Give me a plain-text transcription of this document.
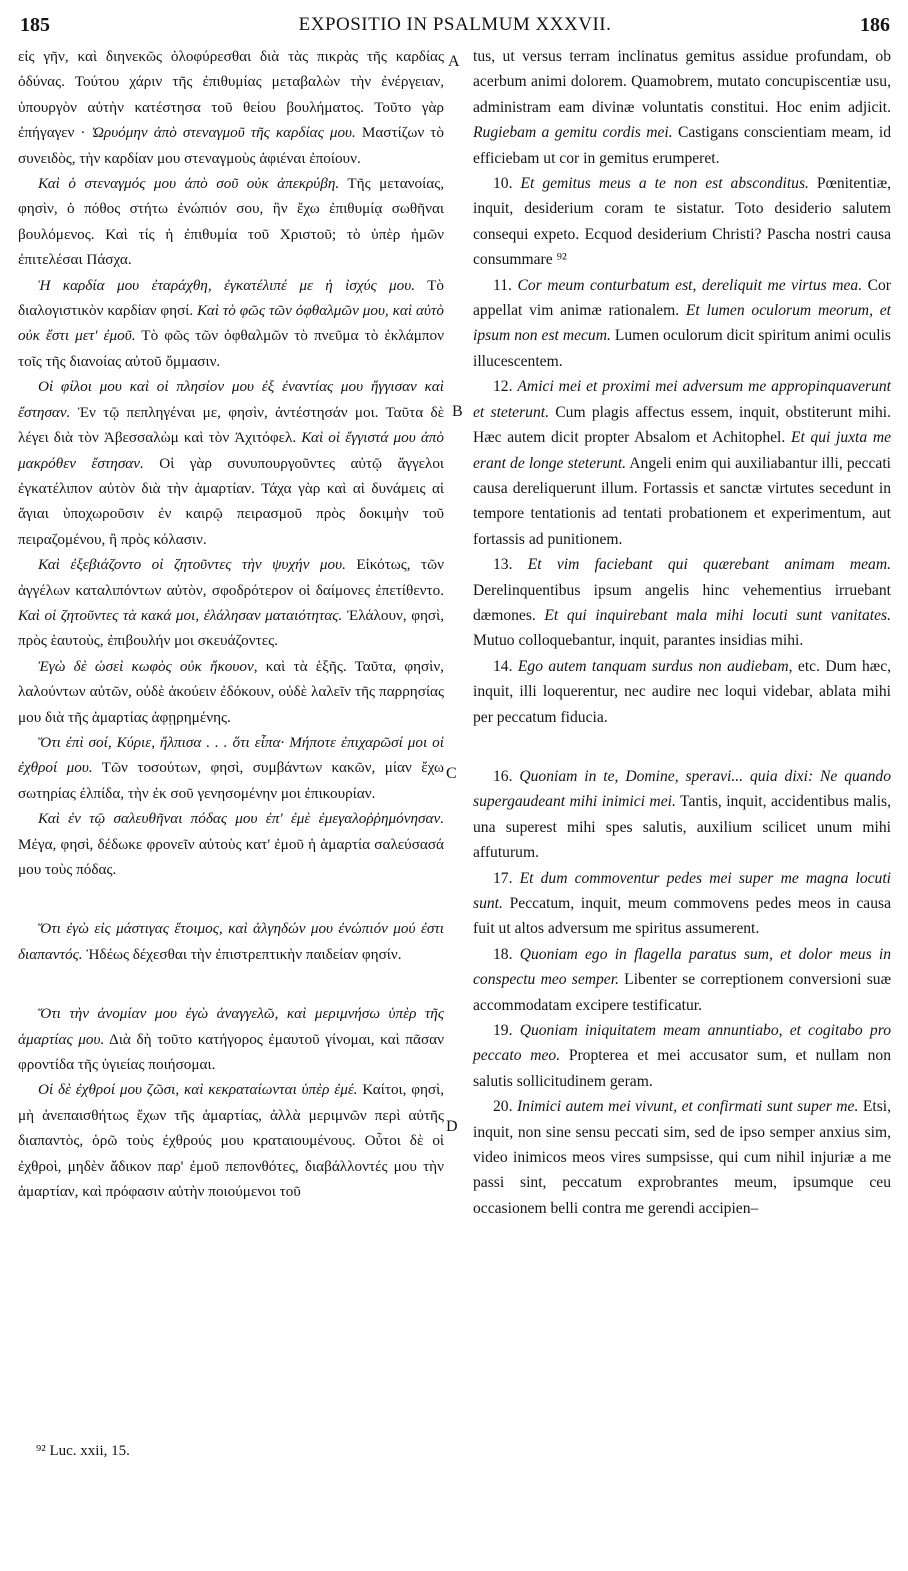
185	EXPOSITIO IN PSALMUM XXXVII.	186
A
B
C
D

εἰς γῆν, καὶ διηνεκῶς ὀλοφύρεσθαι διὰ τὰς πικρὰς τῆς καρδίας ὀδύνας. Τούτου χάριν τῆς ἐπιθυμίας μεταβαλὼν τὴν ἐνέργειαν, ὑπουργὸν αὐτὴν κατέστησα τοῦ θείου βουλήματος. Τοῦτο γὰρ ἐπήγαγεν · Ὠρυόμην ἀπὸ στεναγμοῦ τῆς καρδίας μου. Μαστίζων τὸ συνειδὸς, τὴν καρδίαν μου στεναγμοὺς ἀφιέναι ἐποίουν.

Καὶ ὁ στεναγμός μου ἀπὸ σοῦ οὐκ ἀπεκρύβη. Τῆς μετανοίας, φησὶν, ὁ πόθος στήτω ἐνώπιόν σου, ἣν ἔχω ἐπιθυμίᾳ σωθῆναι βουλόμενος. Καὶ τίς ἡ ἐπιθυμία τοῦ Χριστοῦ; τὸ ὑπὲρ ἡμῶν ἐπιτελέσαι Πάσχα.

Ἡ καρδία μου ἐταράχθη, ἐγκατέλιπέ με ἡ ἰσχύς μου. Τὸ διαλογιστικὸν καρδίαν φησί. Καὶ τὸ φῶς τῶν ὀφθαλμῶν μου, καὶ αὐτὸ οὐκ ἔστι μετ' ἐμοῦ. Τὸ φῶς τῶν ὀφθαλμῶν τὸ πνεῦμα τὸ ἐκλάμπον τοῖς τῆς διανοίας αὐτοῦ ὄμμασιν.

Οἱ φίλοι μου καὶ οἱ πλησίον μου ἐξ ἐναντίας μου ἤγγισαν καὶ ἔστησαν. Ἐν τῷ πεπληγέναι με, φησὶν, ἀντέστησάν μοι. Ταῦτα δὲ λέγει διὰ τὸν Ἀβεσσαλὼμ καὶ τὸν Ἀχιτόφελ. Καὶ οἱ ἔγγιστά μου ἀπὸ μακρόθεν ἔστησαν. Οἱ γὰρ συνυπουργοῦντες αὐτῷ ἄγγελοι ἐγκατέλιπον αὐτὸν διὰ τὴν ἁμαρτίαν. Τάχα γὰρ καὶ αἱ δυνάμεις αἱ ἅγιαι ὑποχωροῦσιν ἐν καιρῷ πειρασμοῦ πρὸς δοκιμὴν τοῦ πειραζομένου, ἢ πρὸς κόλασιν.

Καὶ ἐξεβιάζοντο οἱ ζητοῦντες τὴν ψυχήν μου. Εἰκότως, τῶν ἀγγέλων καταλιπόντων αὐτὸν, σφοδρότερον οἱ δαίμονες ἐπετίθεντο. Καὶ οἱ ζητοῦντες τὰ κακά μοι, ἐλάλησαν ματαιότητας. Ἐλάλουν, φησὶ, πρὸς ἑαυτοὺς, ἐπιβουλήν μοι σκευάζοντες.

Ἐγὼ δὲ ὡσεὶ κωφὸς οὐκ ἤκουον, καὶ τὰ ἑξῆς. Ταῦτα, φησὶν, λαλούντων αὐτῶν, οὐδὲ ἀκούειν ἐδόκουν, οὐδὲ λαλεῖν τῆς παρρησίας μου διὰ τῆς ἁμαρτίας ἀφῃρημένης.

Ὅτι ἐπὶ σοί, Κύριε, ἤλπισα . . . ὅτι εἶπα· Μήποτε ἐπιχαρῶσί μοι οἱ ἐχθροί μου. Τῶν τοσούτων, φησὶ, συμβάντων κακῶν, μίαν ἔχω σωτηρίας ἐλπίδα, τὴν ἐκ σοῦ γενησομένην μοι ἐπικουρίαν.

Καὶ ἐν τῷ σαλευθῆναι πόδας μου ἐπ' ἐμὲ ἐμεγαλοῤῥημόνησαν. Μέγα, φησὶ, δέδωκε φρονεῖν αὐτοὺς κατ' ἐμοῦ ἡ ἁμαρτία σαλεύσασά μου τοὺς πόδας.

Ὅτι ἐγὼ εἰς μάστιγας ἕτοιμος, καὶ ἀλγηδών μου ἐνώπιόν μού ἐστι διαπαντός. Ἠδέως δέχεσθαι τὴν ἐπιστρεπτικὴν παιδείαν φησίν.

Ὅτι τὴν ἀνομίαν μου ἐγὼ ἀναγγελῶ, καὶ μεριμνήσω ὑπὲρ τῆς ἁμαρτίας μου. Διὰ δὴ τοῦτο κατήγορος ἐμαυτοῦ γίνομαι, καὶ πᾶσαν φροντίδα τῆς ὑγιείας ποιήσομαι.

Οἱ δὲ ἐχθροί μου ζῶσι, καὶ κεκραταίωνται ὑπὲρ ἐμέ. Καίτοι, φησὶ, μὴ ἀνεπαισθήτως ἔχων τῆς ἁμαρτίας, ἀλλὰ μεριμνῶν περὶ αὐτῆς διαπαντὸς, ὁρῶ τοὺς ἐχθρούς μου κραταιουμένους. Οὗτοι δὲ οἱ ἐχθροὶ, μηδὲν ἄδικον παρ' ἐμοῦ πεπονθότες, διαβάλλοντές μου τὴν ἁμαρτίαν, καὶ πρόφασιν αὐτὴν ποιούμενοι τοῦ

tus, ut versus terram inclinatus gemitus assidue profundam, ob acerbum animi dolorem. Quamobrem, mutato concupiscentiæ usu, administram eam divinæ voluntatis constitui. Hoc enim adjicit. Rugiebam a gemitu cordis mei. Castigans conscientiam meam, id efficiebam ut cor in gemitus erumperet.

10. Et gemitus meus a te non est absconditus. Pœnitentiæ, inquit, desiderium coram te sistatur. Toto desiderio salutem consequi expeto. Ecquod desiderium Christi? Pascha nostri causa consummare ⁹²

11. Cor meum conturbatum est, dereliquit me virtus mea. Cor appellat vim animæ rationalem. Et lumen oculorum meorum, et ipsum non est mecum. Lumen oculorum dicit spiritum animi oculis illucescentem.

12. Amici mei et proximi mei adversum me appropinquaverunt et steterunt. Cum plagis affectus essem, inquit, obstiterunt mihi. Hæc autem dicit propter Absalom et Achitophel. Et qui juxta me erant de longe steterunt. Angeli enim qui auxiliabantur illi, peccati causa dereliquerunt illum. Fortassis et sanctæ virtutes secedunt in tempore tentationis ad tentati probationem et experimentum, aut fortassis ad punitionem.

13. Et vim faciebant qui quærebant animam meam. Derelinquentibus ipsum angelis hinc vehementius irruebant dæmones. Et qui inquirebant mala mihi locuti sunt vanitates. Mutuo colloquebantur, inquit, parantes insidias mihi.

14. Ego autem tanquam surdus non audiebam, etc. Dum hæc, inquit, illi loquerentur, nec audire nec loqui videbar, ablata mihi per peccatum fiducia.

16. Quoniam in te, Domine, speravi... quia dixi: Ne quando supergaudeant mihi inimici mei. Tantis, inquit, accidentibus malis, una superest mihi spes salutis, auxilium scilicet unum mihi affuturum.

17. Et dum commoventur pedes mei super me magna locuti sunt. Peccatum, inquit, meum commovens pedes meos in causa fuit ut altos adversum me spiritus assumerent.

18. Quoniam ego in flagella paratus sum, et dolor meus in conspectu meo semper. Libenter se correptionem conversioni suæ accommodatam excipere testificatur.

19. Quoniam iniquitatem meam annuntiabo, et cogitabo pro peccato meo. Propterea et mei accusator sum, et nullam non salutis sollicitudinem geram.

20. Inimici autem mei vivunt, et confirmati sunt super me. Etsi, inquit, non sine sensu peccati sim, sed de ipso semper anxius sim, video inimicos meos vires sumpsisse, qui cum nihil injuriæ a me passi sint, peccatum exprobrantes meum, ipsumque ceu occasionem belli contra me gerendi accipien–

⁹² Luc. xxii, 15.
